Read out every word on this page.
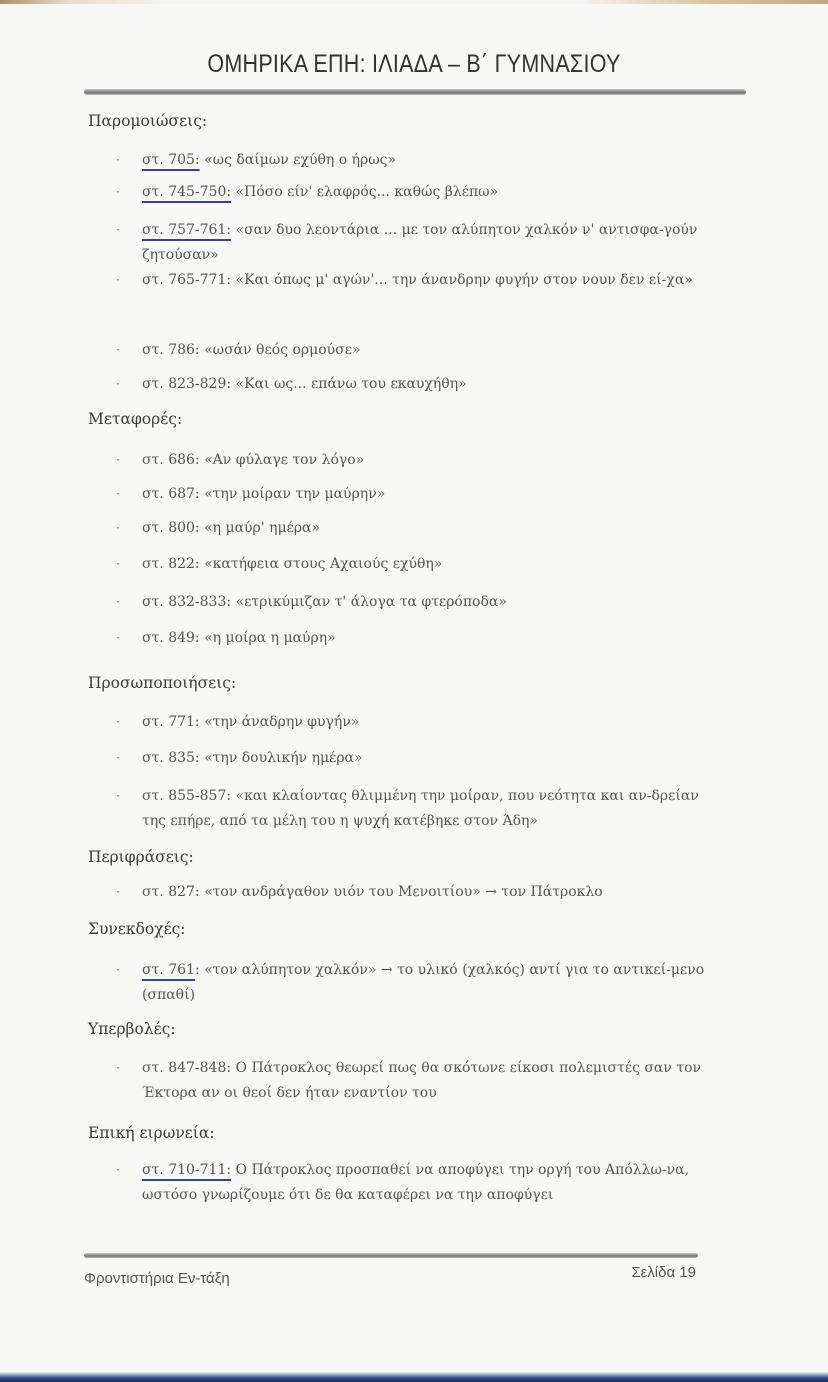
ΟΜΗΡΙΚΑ ΕΠΗ: ΙΛΙΑΔΑ – Β΄ ΓΥΜΝΑΣΙΟΥ
Παρομοιώσεις:
·	στ. 705: «ως δαίμων εχύθη ο ήρως»
·	στ. 745-750: «Πόσο είν' ελαφρός... καθώς βλέπω»
·	στ. 757-761: «σαν δυο λεοντάρια ... με τον αλύπητον χαλκόν ν' αντισφα-γούν ζητούσαν»
·	στ. 765-771: «Και όπως μ' αγών'... την άνανδρην φυγήν στον νουν δεν εί-χα»
·	στ. 786: «ωσάν θεός ορμούσε»
·	στ. 823-829: «Και ως... επάνω του εκαυχήθη»
Μεταφορές:
·	στ. 686: «Αν φύλαγε τον λόγο»
·	στ. 687: «την μοίραν την μαύρην»
·	στ. 800: «η μαύρ' ημέρα»
·	στ. 822: «κατήφεια στους Αχαιούς εχύθη»
·	στ. 832-833: «ετρικύμιζαν τ' άλογα τα φτερόποδα»
·	στ. 849: «η μοίρα η μαύρη»
Προσωποποιήσεις:
·	στ. 771: «την άναδρην φυγήν»
·	στ. 835: «την δουλικήν ημέρα»
·	στ. 855-857: «και κλαίοντας θλιμμένη την μοίραν, που νεότητα και αν-δρείαν της επήρε, από τα μέλη του η ψυχή κατέβηκε στον Άδη»
Περιφράσεις:
·	στ. 827: «τον ανδράγαθον υιόν του Μενοιτίου» → τον Πάτροκλο
Συνεκδοχές:
·	στ. 761: «τον αλύπητον χαλκόν» → το υλικό (χαλκός) αντί για το αντικεί-μενο (σπαθί)
Υπερβολές:
·	στ. 847-848: Ο Πάτροκλος θεωρεί πως θα σκότωνε είκοσι πολεμιστές σαν τον Έκτορα αν οι θεοί δεν ήταν εναντίον του
Επική ειρωνεία:
·	στ. 710-711: Ο Πάτροκλος προσπαθεί να αποφύγει την οργή του Απόλλω-να, ωστόσο γνωρίζουμε ότι δε θα καταφέρει να την αποφύγει
Φροντιστήρια Εν-τάξη	Σελίδα 19
